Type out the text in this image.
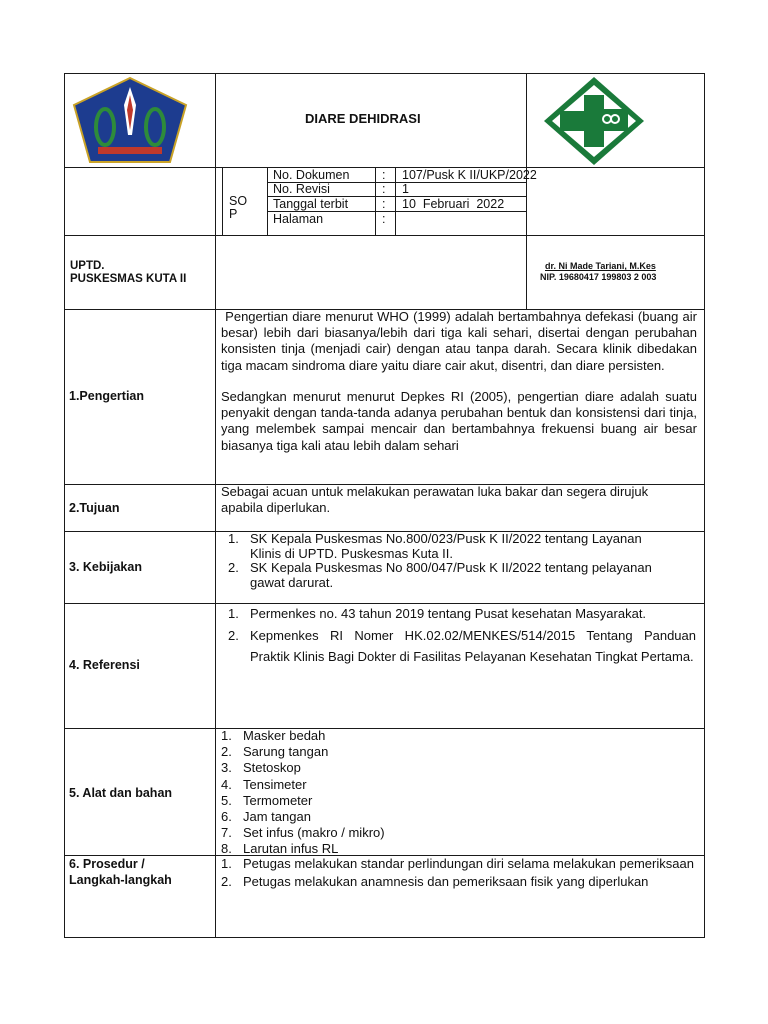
DIARE DEHIDRASI
SO
P
No. Dokumen	: 107/Pusk K II/UKP/2022
No. Revisi	: 1
Tanggal terbit	: 10  Februari  2022
Halaman	:
UPTD.
PUSKESMAS KUTA II
dr. Ni Made Tariani, M.Kes
NIP. 19680417 199803 2 003
1.Pengertian
Pengertian diare menurut WHO (1999) adalah bertambahnya defekasi (buang air besar) lebih dari biasanya/lebih dari tiga kali sehari, disertai dengan perubahan konsisten tinja (menjadi cair) dengan atau tanpa darah. Secara klinik dibedakan tiga macam sindroma diare yaitu diare cair akut, disentri, dan diare persisten.
Sedangkan menurut menurut Depkes RI (2005), pengertian diare adalah suatu penyakit dengan tanda-tanda adanya perubahan bentuk dan konsistensi dari tinja, yang melembek sampai mencair dan bertambahnya frekuensi buang air besar biasanya tiga kali atau lebih dalam sehari
2.Tujuan
Sebagai acuan untuk melakukan perawatan luka bakar dan segera dirujuk apabila diperlukan.
3. Kebijakan
1. SK Kepala Puskesmas No.800/023/Pusk K II/2022 tentang Layanan Klinis di UPTD. Puskesmas Kuta II.
2. SK Kepala Puskesmas No 800/047/Pusk K II/2022 tentang pelayanan gawat darurat.
4. Referensi
1. Permenkes no. 43 tahun 2019 tentang Pusat kesehatan Masyarakat.
2. Kepmenkes RI Nomer HK.02.02/MENKES/514/2015 Tentang Panduan Praktik Klinis Bagi Dokter di Fasilitas Pelayanan Kesehatan Tingkat Pertama.
5. Alat dan bahan
1. Masker bedah
2. Sarung tangan
3. Stetoskop
4. Tensimeter
5. Termometer
6. Jam tangan
7. Set infus (makro / mikro)
8. Larutan infus RL
6. Prosedur /
Langkah-langkah
1. Petugas melakukan standar perlindungan diri selama melakukan pemeriksaan
2. Petugas melakukan anamnesis dan pemeriksaan fisik yang diperlukan
